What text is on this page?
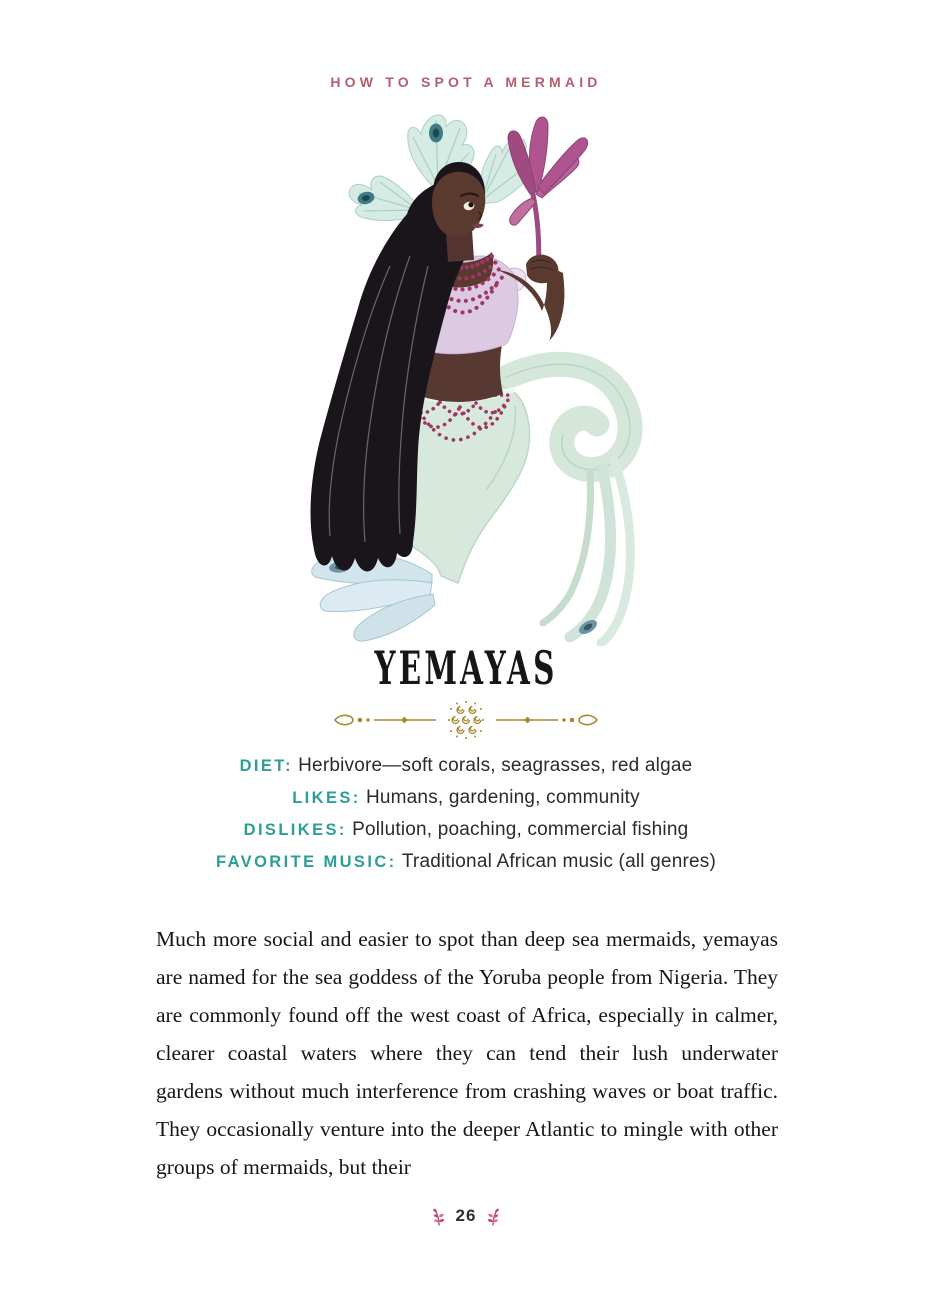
HOW TO SPOT A MERMAID
YEMAYAS
DIET: Herbivore—soft corals, seagrasses, red algae
LIKES: Humans, gardening, community
DISLIKES: Pollution, poaching, commercial fishing
FAVORITE MUSIC: Traditional African music (all genres)

Much more social and easier to spot than deep sea mermaids, yemayas are named for the sea goddess of the Yoruba people from Nigeria. They are commonly found off the west coast of Africa, especially in calmer, clearer coastal waters where they can tend their lush underwater gardens without much interference from crashing waves or boat traffic. They occasionally venture into the deeper Atlantic to mingle with other groups of mermaids, but their

26
